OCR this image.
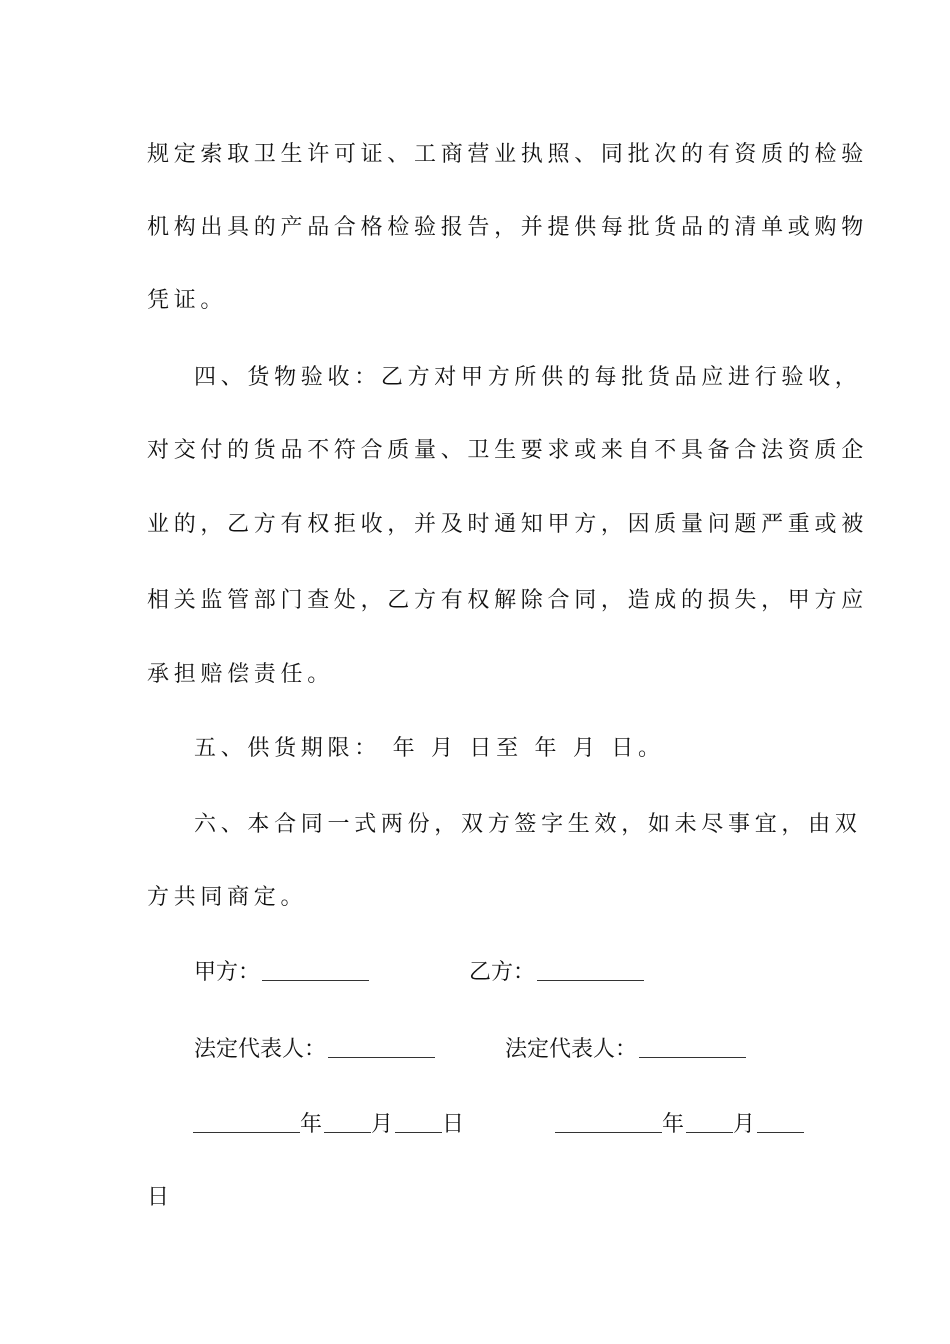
规定索取卫生许可证、工商营业执照、同批次的有资质的检验
机构出具的产品合格检验报告，并提供每批货品的清单或购物
凭证。
四、货物验收：乙方对甲方所供的每批货品应进行验收，
对交付的货品不符合质量、卫生要求或来自不具备合法资质企
业的，乙方有权拒收，并及时通知甲方，因质量问题严重或被
相关监管部门查处，乙方有权解除合同，造成的损失，甲方应
承担赔偿责任。
五、供货期限： 年 月 日至 年 月 日。
六、本合同一式两份，双方签字生效，如未尽事宜，由双
方共同商定。
甲方：	乙方：
法定代表人：	法定代表人：
年 月 日	年 月
日
